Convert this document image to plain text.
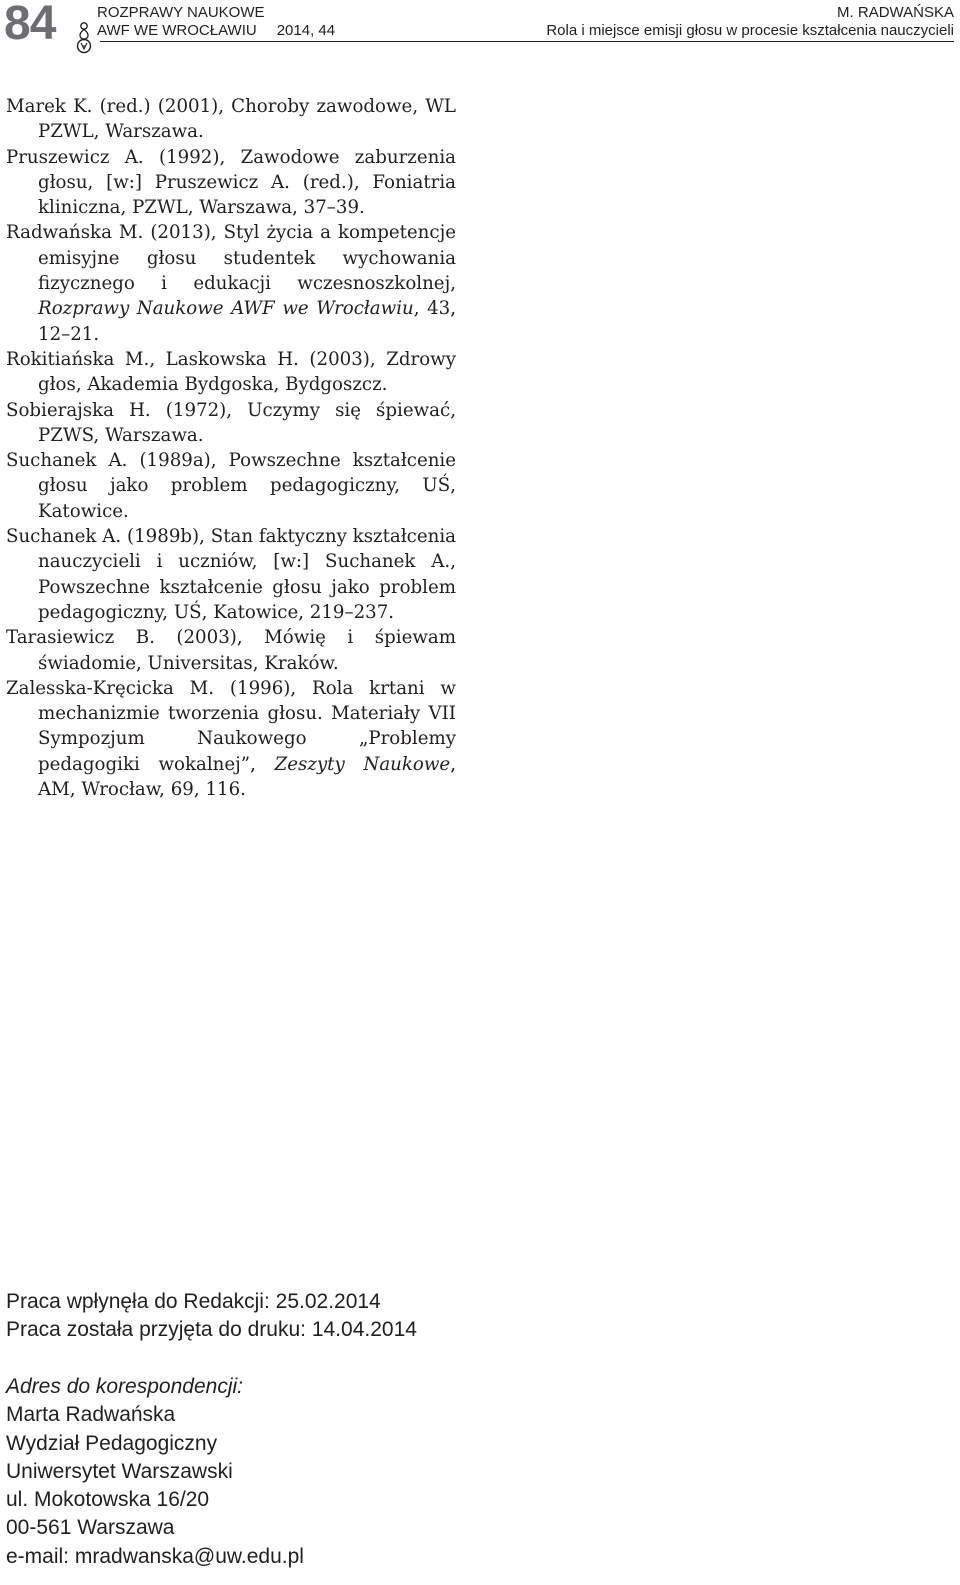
84	ROZPRAWY NAUKOWE
AWF WE WROCŁAWIU 2014, 44
M. RADWAŃSKA
Rola i miejsce emisji głosu w procesie kształcenia nauczycieli
Marek K. (red.) (2001), Choroby zawodowe, WL PZWL, Warszawa.
Pruszewicz A. (1992), Zawodowe zaburzenia głosu, [w:] Pruszewicz A. (red.), Foniatria kliniczna, PZWL, Warszawa, 37–39.
Radwańska M. (2013), Styl życia a kompetencje emisyjne głosu studentek wychowania fizycznego i edukacji wczesnoszkolnej, Rozprawy Naukowe AWF we Wrocławiu, 43, 12–21.
Rokitiańska M., Laskowska H. (2003), Zdrowy głos, Akademia Bydgoska, Bydgoszcz.
Sobierajska H. (1972), Uczymy się śpiewać, PZWS, Warszawa.
Suchanek A. (1989a), Powszechne kształcenie głosu jako problem pedagogiczny, UŚ, Katowice.
Suchanek A. (1989b), Stan faktyczny kształcenia nauczycieli i uczniów, [w:] Suchanek A., Powszechne kształcenie głosu jako problem pedagogiczny, UŚ, Katowice, 219–237.
Tarasiewicz B. (2003), Mówię i śpiewam świadomie, Universitas, Kraków.
Zalesska-Kręcicka M. (1996), Rola krtani w mechanizmie tworzenia głosu. Materiały VII Sympozjum Naukowego „Problemy pedagogiki wokalnej”, Zeszyty Naukowe, AM, Wrocław, 69, 116.
Praca wpłynęła do Redakcji: 25.02.2014
Praca została przyjęta do druku: 14.04.2014
Adres do korespondencji:
Marta Radwańska
Wydział Pedagogiczny
Uniwersytet Warszawski
ul. Mokotowska 16/20
00-561 Warszawa
e-mail: mradwanska@uw.edu.pl
